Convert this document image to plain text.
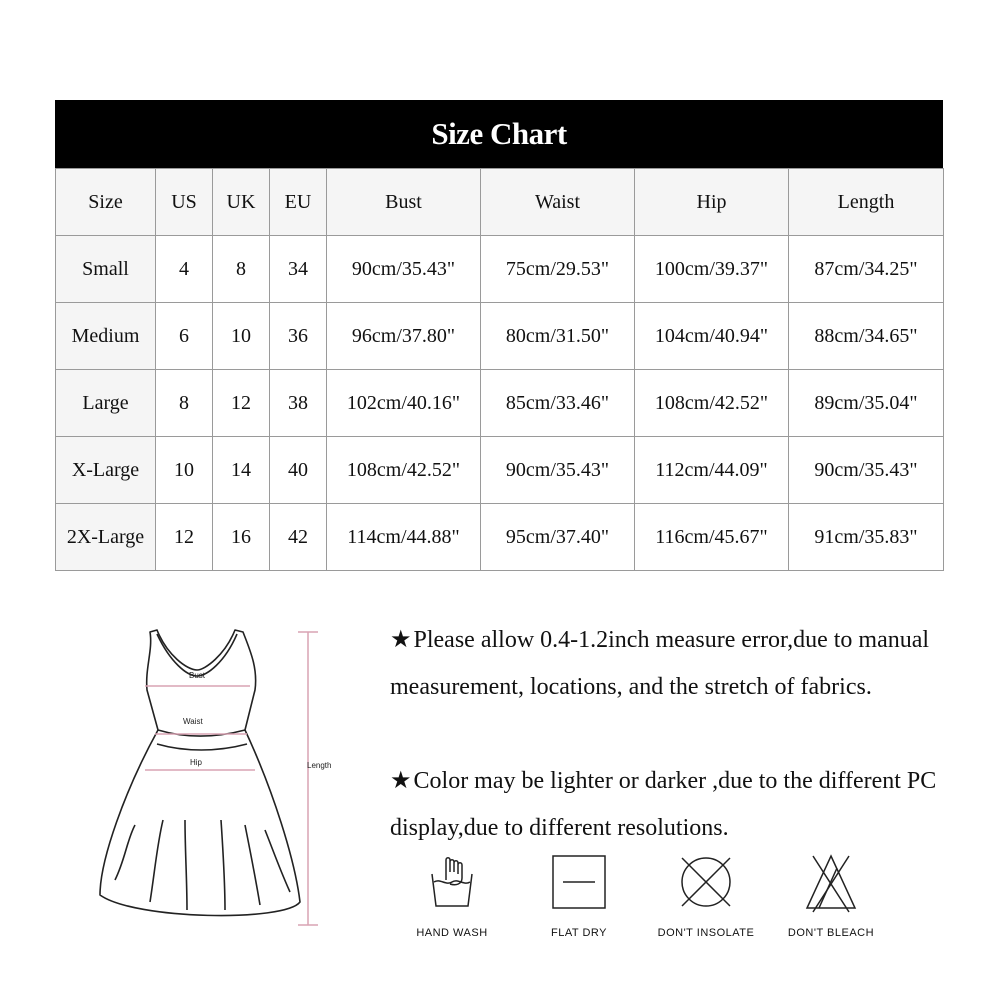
Size Chart
Size	US	UK	EU	Bust	Waist	Hip	Length
Small	4	8	34	90cm/35.43"	75cm/29.53"	100cm/39.37"	87cm/34.25"
Medium	6	10	36	96cm/37.80"	80cm/31.50"	104cm/40.94"	88cm/34.65"
Large	8	12	38	102cm/40.16"	85cm/33.46"	108cm/42.52"	89cm/35.04"
X-Large	10	14	40	108cm/42.52"	90cm/35.43"	112cm/44.09"	90cm/35.43"
2X-Large	12	16	42	114cm/44.88"	95cm/37.40"	116cm/45.67"	91cm/35.83"
Bust
Waist
Hip	Length
★Please allow 0.4-1.2inch measure error,due to manual measurement, locations, and the stretch of fabrics.
★Color may be lighter or darker ,due to the different PC display,due to different resolutions.
HAND WASH	FLAT DRY	DON'T INSOLATE	DON'T BLEACH
